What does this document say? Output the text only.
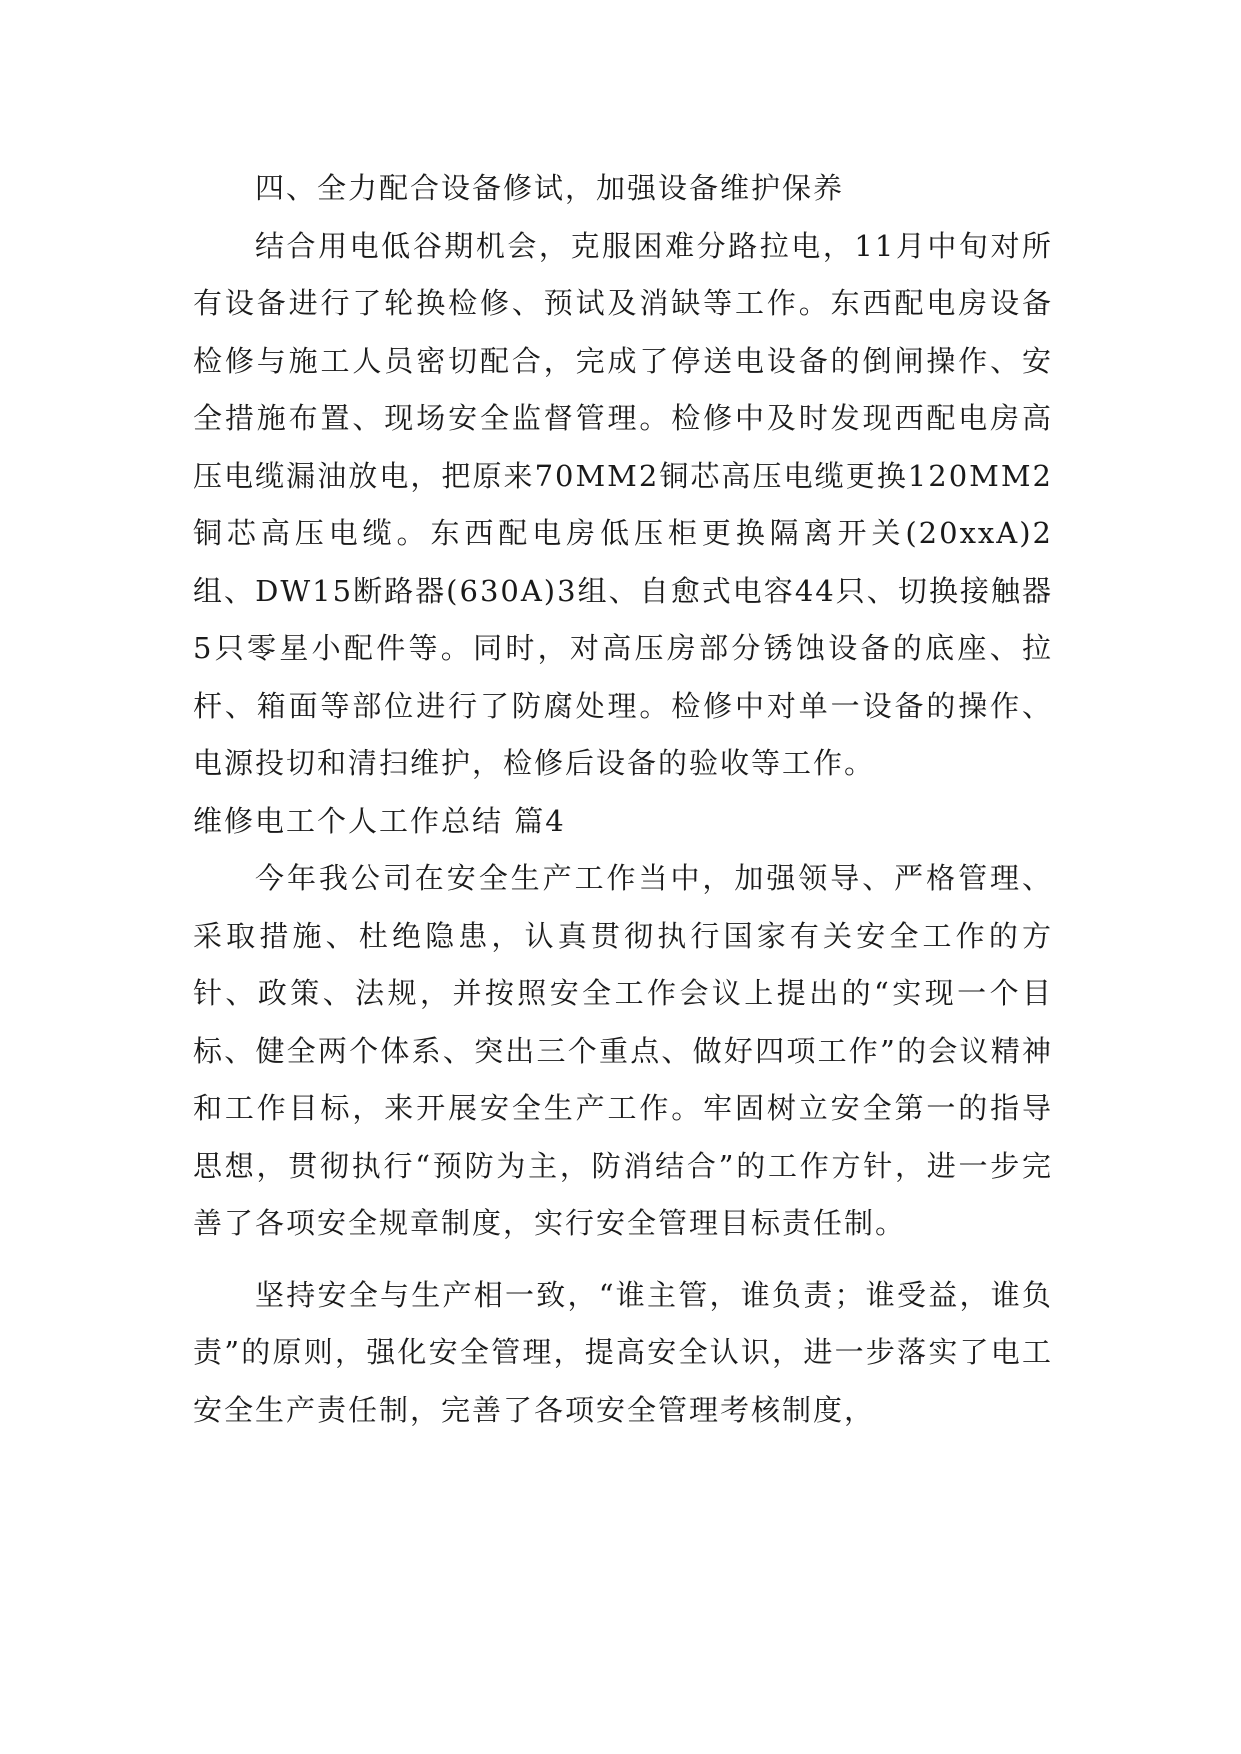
四、全力配合设备修试，加强设备维护保养

结合用电低谷期机会，克服困难分路拉电，11月中旬对所有设备进行了轮换检修、预试及消缺等工作。东西配电房设备检修与施工人员密切配合，完成了停送电设备的倒闸操作、安全措施布置、现场安全监督管理。检修中及时发现西配电房高压电缆漏油放电，把原来70MM2铜芯高压电缆更换120MM2铜芯高压电缆。东西配电房低压柜更换隔离开关(20xxA)2组、DW15断路器(630A)3组、自愈式电容44只、切换接触器5只零星小配件等。同时，对高压房部分锈蚀设备的底座、拉杆、箱面等部位进行了防腐处理。检修中对单一设备的操作、电源投切和清扫维护，检修后设备的验收等工作。

维修电工个人工作总结 篇4

今年我公司在安全生产工作当中，加强领导、严格管理、采取措施、杜绝隐患，认真贯彻执行国家有关安全工作的方针、政策、法规，并按照安全工作会议上提出的“实现一个目标、健全两个体系、突出三个重点、做好四项工作”的会议精神和工作目标，来开展安全生产工作。牢固树立安全第一的指导思想，贯彻执行“预防为主，防消结合”的工作方针，进一步完善了各项安全规章制度，实行安全管理目标责任制。

坚持安全与生产相一致，“谁主管，谁负责；谁受益，谁负责”的原则，强化安全管理，提高安全认识，进一步落实了电工安全生产责任制，完善了各项安全管理考核制度，
